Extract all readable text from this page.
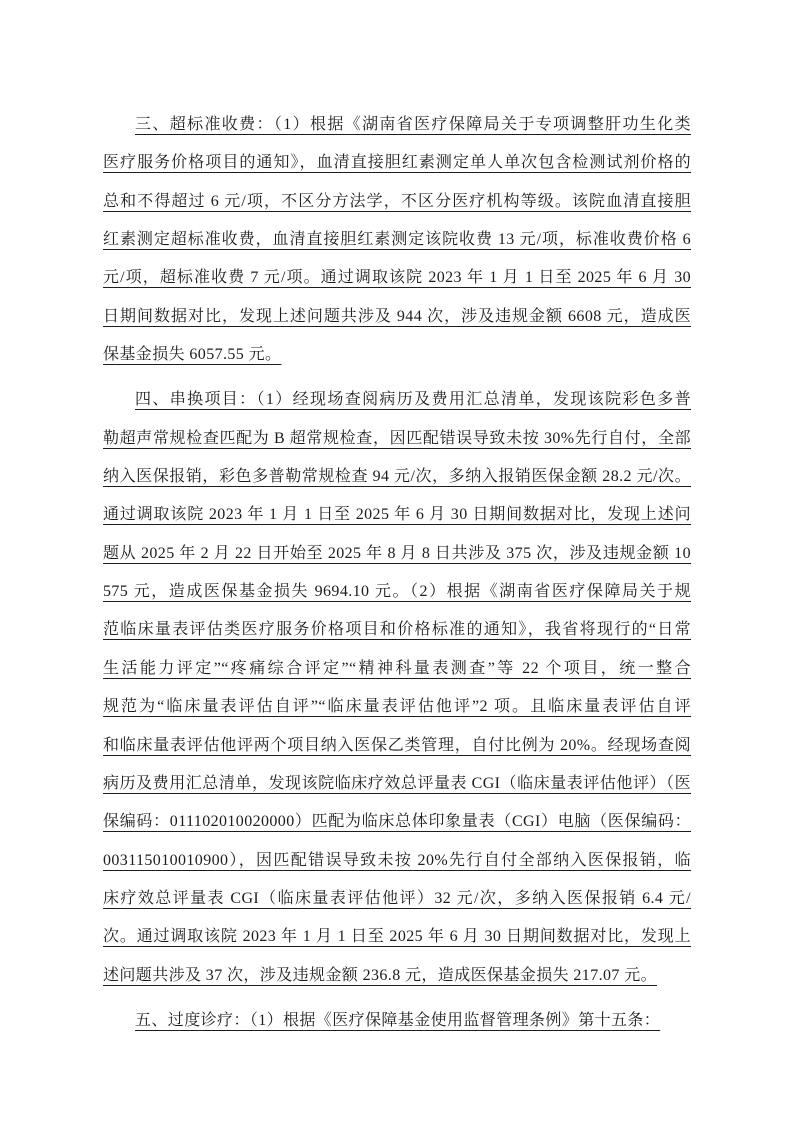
三、超标准收费：（1）根据《湖南省医疗保障局关于专项调整肝功生化类
医疗服务价格项目的通知》，血清直接胆红素测定单人单次包含检测试剂价格的
总和不得超过 6 元/项，不区分方法学，不区分医疗机构等级。该院血清直接胆
红素测定超标准收费，血清直接胆红素测定该院收费 13 元/项，标准收费价格 6
元/项，超标准收费 7 元/项。通过调取该院 2023 年 1 月 1 日至 2025 年 6 月 30
日期间数据对比，发现上述问题共涉及 944 次，涉及违规金额 6608 元，造成医
保基金损失 6057.55 元。
四、串换项目：（1）经现场查阅病历及费用汇总清单，发现该院彩色多普
勒超声常规检查匹配为 B 超常规检查，因匹配错误导致未按 30%先行自付，全部
纳入医保报销，彩色多普勒常规检查 94 元/次，多纳入报销医保金额 28.2 元/次。
通过调取该院 2023 年 1 月 1 日至 2025 年 6 月 30 日期间数据对比，发现上述问
题从 2025 年 2 月 22 日开始至 2025 年 8 月 8 日共涉及 375 次，涉及违规金额 10
575 元，造成医保基金损失 9694.10 元。（2）根据《湖南省医疗保障局关于规
范临床量表评估类医疗服务价格项目和价格标准的通知》，我省将现行的“日常
生活能力评定”“疼痛综合评定”“精神科量表测查”等 22 个项目，统一整合
规范为“临床量表评估自评”“临床量表评估他评”2 项。且临床量表评估自评
和临床量表评估他评两个项目纳入医保乙类管理，自付比例为 20%。经现场查阅
病历及费用汇总清单，发现该院临床疗效总评量表 CGI（临床量表评估他评）（医
保编码：011102010020000）匹配为临床总体印象量表（CGI）电脑（医保编码：
003115010010900），因匹配错误导致未按 20%先行自付全部纳入医保报销，临
床疗效总评量表 CGI（临床量表评估他评）32 元/次，多纳入医保报销 6.4 元/
次。通过调取该院 2023 年 1 月 1 日至 2025 年 6 月 30 日期间数据对比，发现上
述问题共涉及 37 次，涉及违规金额 236.8 元，造成医保基金损失 217.07 元。
五、过度诊疗：（1）根据《医疗保障基金使用监督管理条例》第十五条：
